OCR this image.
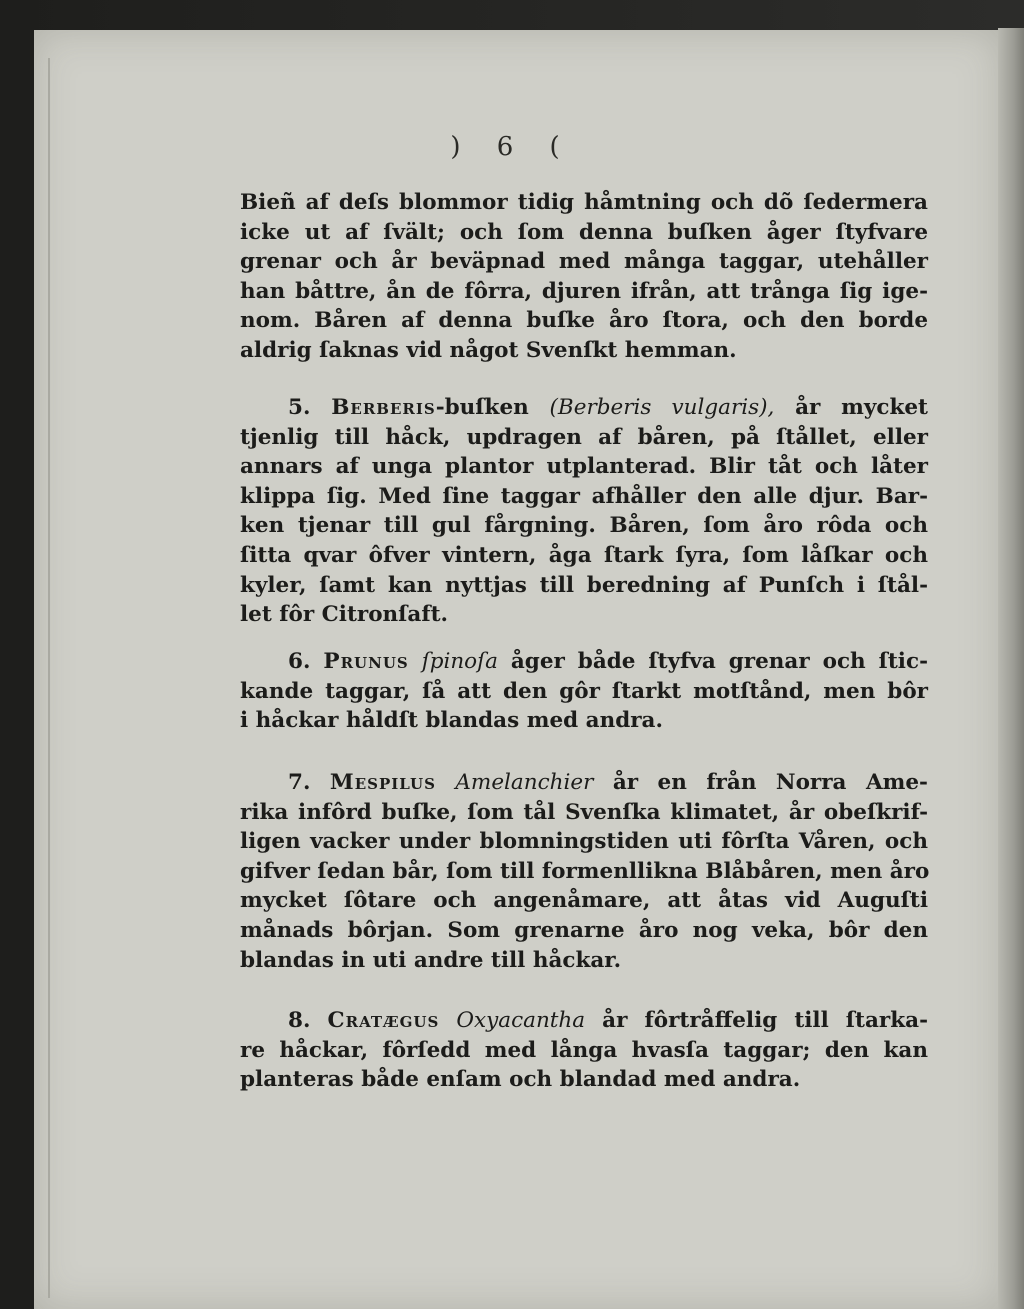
) 6 (
Bieñ af deſs blommor tidig håmtning och dõ ſedermera
icke ut af ſvält; och ſom denna buſken åger ſtyfvare
grenar och år beväpnad med många taggar, utehåller
han båttre, ån de fôrra, djuren ifrån, att trånga ſig ige-
nom. Båren af denna buſke åro ſtora, och den borde
aldrig ſaknas vid något Svenſkt hemman.
5. Berberis-buſken (Berberis vulgaris), år mycket
tjenlig till håck, updragen af båren, på ſtållet, eller
annars af unga plantor utplanterad. Blir tåt och låter
klippa ſig. Med ſine taggar afhåller den alle djur. Bar-
ken tjenar till gul fårgning. Båren, ſom åro rôda och
ſitta qvar ôfver vintern, åga ſtark ſyra, ſom låſkar och
kyler, ſamt kan nyttjas till beredning af Punſch i ſtål-
let fôr Citronſaft.
6. Prunus ſpinoſa åger både ſtyfva grenar och ſtic-
kande taggar, ſå att den gôr ſtarkt motſtånd, men bôr
i håckar håldſt blandas med andra.
7. Mespilus Amelanchier år en från Norra Ame-
rika infôrd buſke, ſom tål Svenſka klimatet, år obeſkrif-
ligen vacker under blomningstiden uti fôrſta Våren, och
gifver ſedan bår, ſom till formenllikna Blåbåren, men åro
mycket ſôtare och angenåmare, att åtas vid Auguſti
månads bôrjan. Som grenarne åro nog veka, bôr den
blandas in uti andre till håckar.
8. Cratægus Oxyacantha år fôrtråffelig till ſtarka-
re håckar, fôrſedd med långa hvasſa taggar; den kan
planteras både enſam och blandad med andra.
